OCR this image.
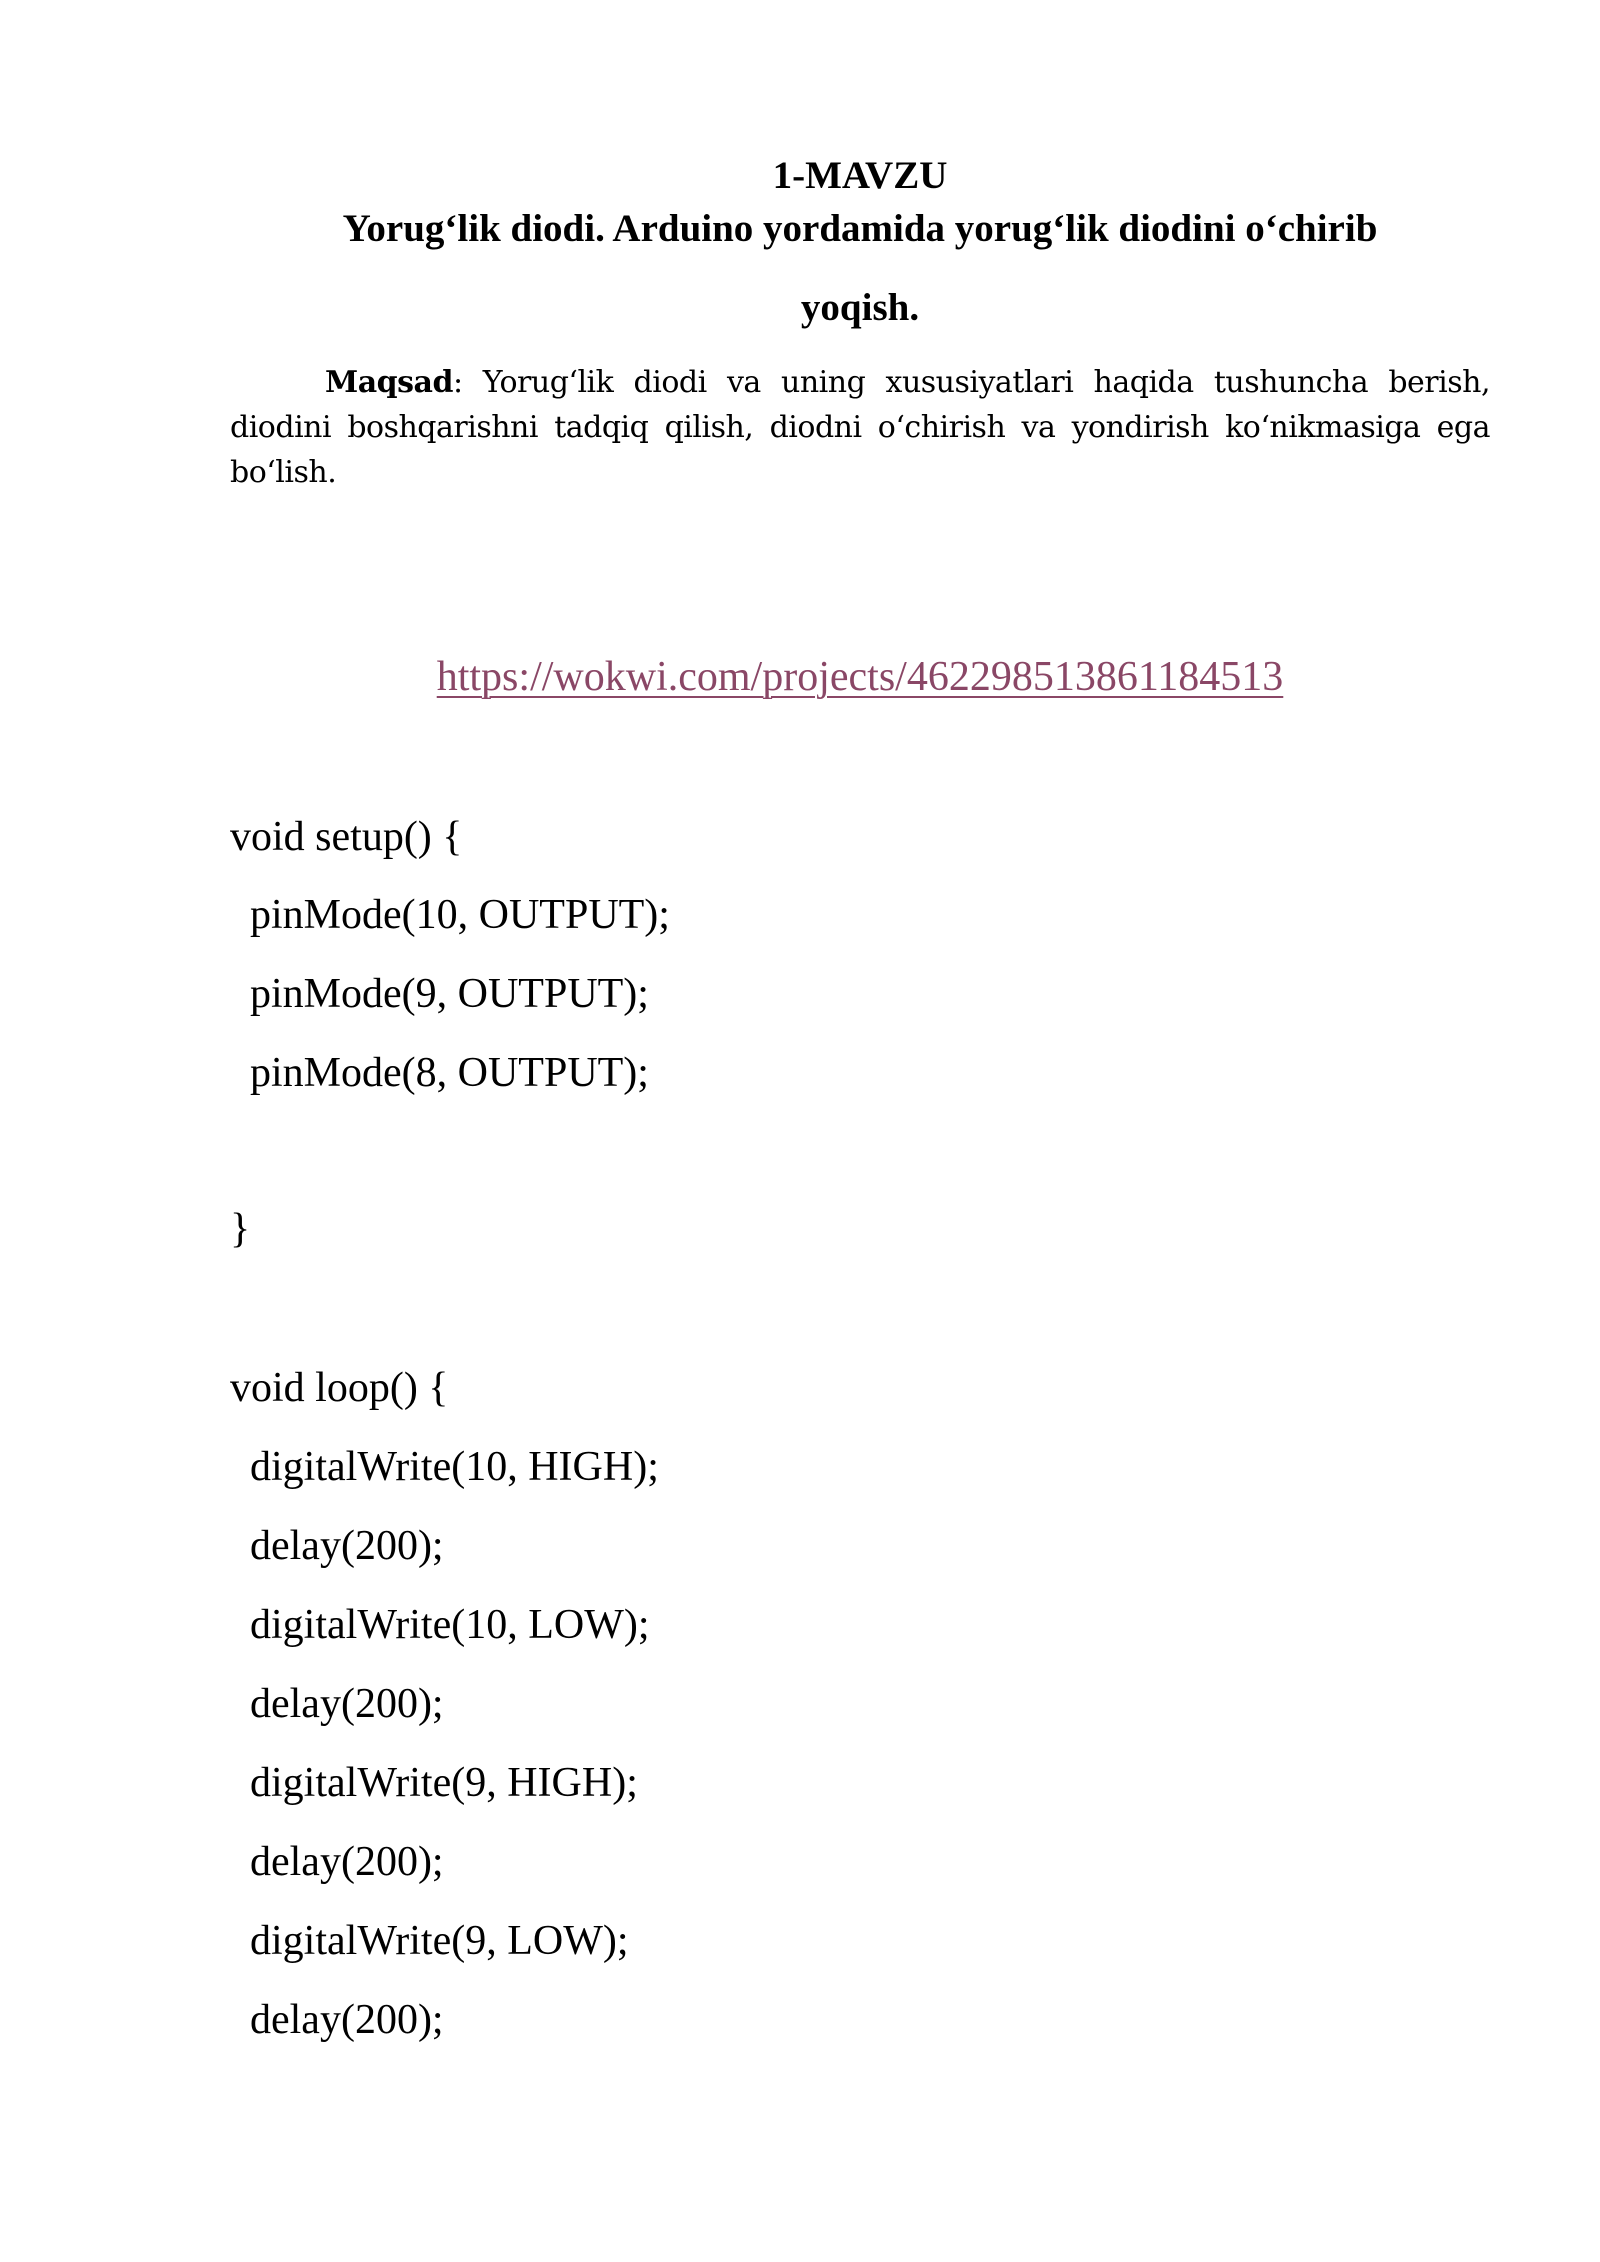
1-MAVZU
Yorug‘lik diodi. Arduino yordamida yorug‘lik diodini o‘chirib
yoqish.
Maqsad: Yorug‘lik diodi va uning xususiyatlari haqida tushuncha berish, diodini boshqarishni tadqiq qilish, diodni o‘chirish va yondirish ko‘nikmasiga ega bo‘lish.
https://wokwi.com/projects/462298513861184513
void setup() {
pinMode(10, OUTPUT);
pinMode(9, OUTPUT);
pinMode(8, OUTPUT);
}
void loop() {
digitalWrite(10, HIGH);
delay(200);
digitalWrite(10, LOW);
delay(200);
digitalWrite(9, HIGH);
delay(200);
digitalWrite(9, LOW);
delay(200);
